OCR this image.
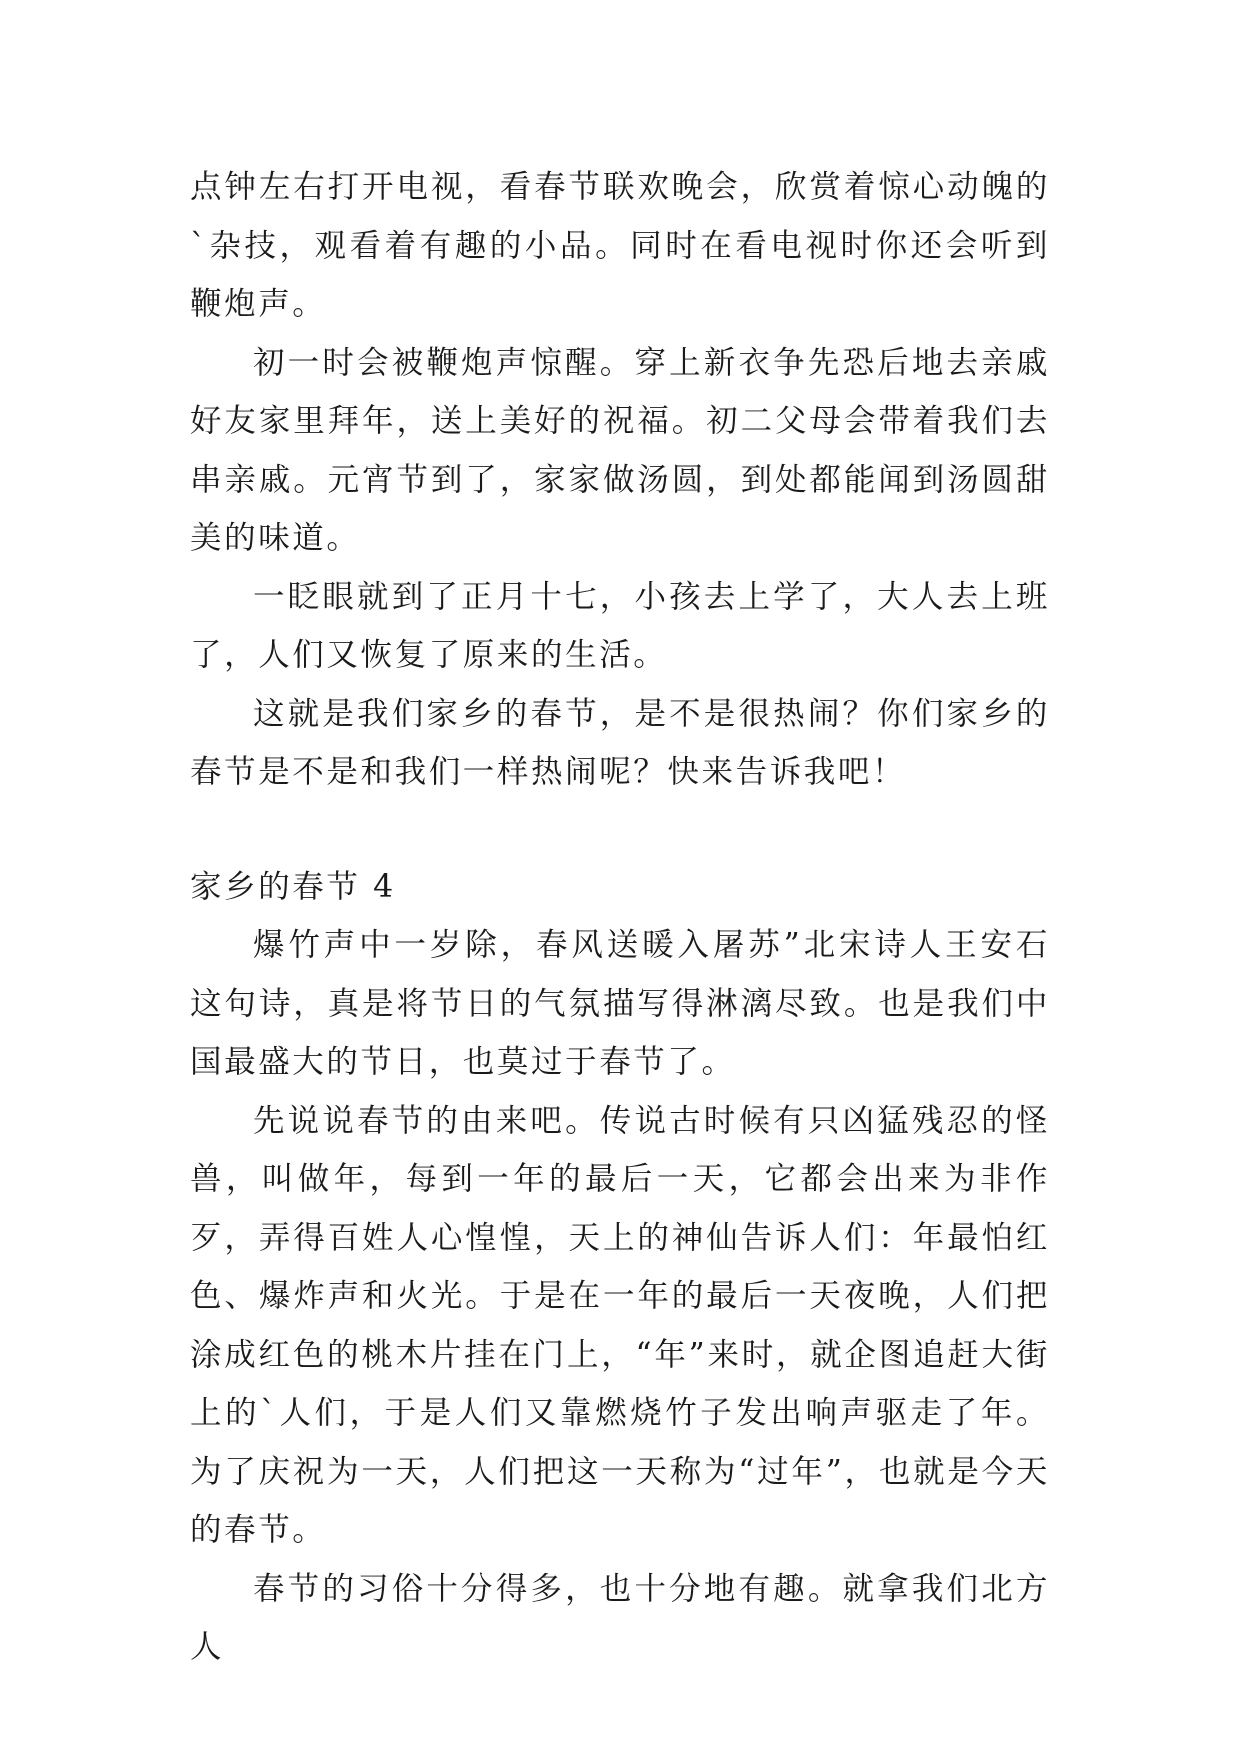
点钟左右打开电视，看春节联欢晚会，欣赏着惊心动魄的`杂技，观看着有趣的小品。同时在看电视时你还会听到鞭炮声。

初一时会被鞭炮声惊醒。穿上新衣争先恐后地去亲戚好友家里拜年，送上美好的祝福。初二父母会带着我们去串亲戚。元宵节到了，家家做汤圆，到处都能闻到汤圆甜美的味道。

一眨眼就到了正月十七，小孩去上学了，大人去上班了，人们又恢复了原来的生活。

这就是我们家乡的春节，是不是很热闹？你们家乡的春节是不是和我们一样热闹呢？快来告诉我吧！

家乡的春节 4

爆竹声中一岁除，春风送暖入屠苏”北宋诗人王安石这句诗，真是将节日的气氛描写得淋漓尽致。也是我们中国最盛大的节日，也莫过于春节了。

先说说春节的由来吧。传说古时候有只凶猛残忍的怪兽，叫做年，每到一年的最后一天，它都会出来为非作歹，弄得百姓人心惶惶，天上的神仙告诉人们：年最怕红色、爆炸声和火光。于是在一年的最后一天夜晚，人们把涂成红色的桃木片挂在门上，“年”来时，就企图追赶大街上的`人们，于是人们又靠燃烧竹子发出响声驱走了年。为了庆祝为一天，人们把这一天称为“过年”，也就是今天的春节。

春节的习俗十分得多，也十分地有趣。就拿我们北方人
